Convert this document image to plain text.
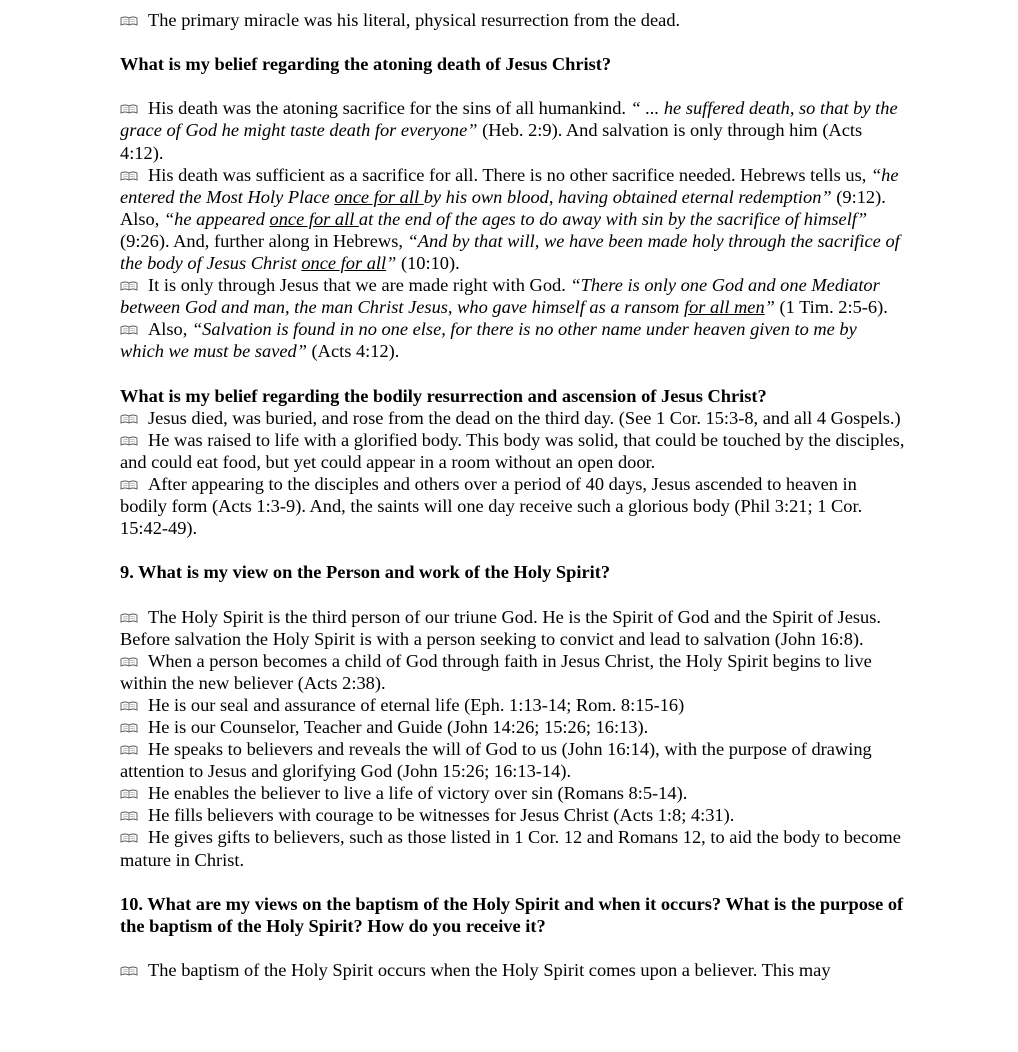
The primary miracle was his literal, physical resurrection from the dead.

What is my belief regarding the atoning death of Jesus Christ?

His death was the atoning sacrifice for the sins of all humankind. “ ... he suffered death, so that by the grace of God he might taste death for everyone” (Heb. 2:9). And salvation is only through him (Acts 4:12).

His death was sufficient as a sacrifice for all. There is no other sacrifice needed. Hebrews tells us, “he entered the Most Holy Place once for all by his own blood, having obtained eternal redemption” (9:12). Also, “he appeared once for all at the end of the ages to do away with sin by the sacrifice of himself” (9:26). And, further along in Hebrews, “And by that will, we have been made holy through the sacrifice of the body of Jesus Christ once for all” (10:10).

It is only through Jesus that we are made right with God. “There is only one God and one Mediator between God and man, the man Christ Jesus, who gave himself as a ransom for all men” (1 Tim. 2:5-6).

Also, “Salvation is found in no one else, for there is no other name under heaven given to me by which we must be saved” (Acts 4:12).

What is my belief regarding the bodily resurrection and ascension of Jesus Christ?

Jesus died, was buried, and rose from the dead on the third day. (See 1 Cor. 15:3-8, and all 4 Gospels.)

He was raised to life with a glorified body. This body was solid, that could be touched by the disciples, and could eat food, but yet could appear in a room without an open door.

After appearing to the disciples and others over a period of 40 days, Jesus ascended to heaven in bodily form (Acts 1:3-9). And, the saints will one day receive such a glorious body (Phil 3:21; 1 Cor. 15:42-49).

9. What is my view on the Person and work of the Holy Spirit?

The Holy Spirit is the third person of our triune God. He is the Spirit of God and the Spirit of Jesus. Before salvation the Holy Spirit is with a person seeking to convict and lead to salvation (John 16:8).

When a person becomes a child of God through faith in Jesus Christ, the Holy Spirit begins to live within the new believer (Acts 2:38).

He is our seal and assurance of eternal life (Eph. 1:13-14; Rom. 8:15-16)

He is our Counselor, Teacher and Guide (John 14:26; 15:26; 16:13).

He speaks to believers and reveals the will of God to us (John 16:14), with the purpose of drawing attention to Jesus and glorifying God (John 15:26; 16:13-14).

He enables the believer to live a life of victory over sin (Romans 8:5-14).

He fills believers with courage to be witnesses for Jesus Christ (Acts 1:8; 4:31).

He gives gifts to believers, such as those listed in 1 Cor. 12 and Romans 12, to aid the body to become mature in Christ.

10. What are my views on the baptism of the Holy Spirit and when it occurs? What is the purpose of the baptism of the Holy Spirit? How do you receive it?

The baptism of the Holy Spirit occurs when the Holy Spirit comes upon a believer. This may
